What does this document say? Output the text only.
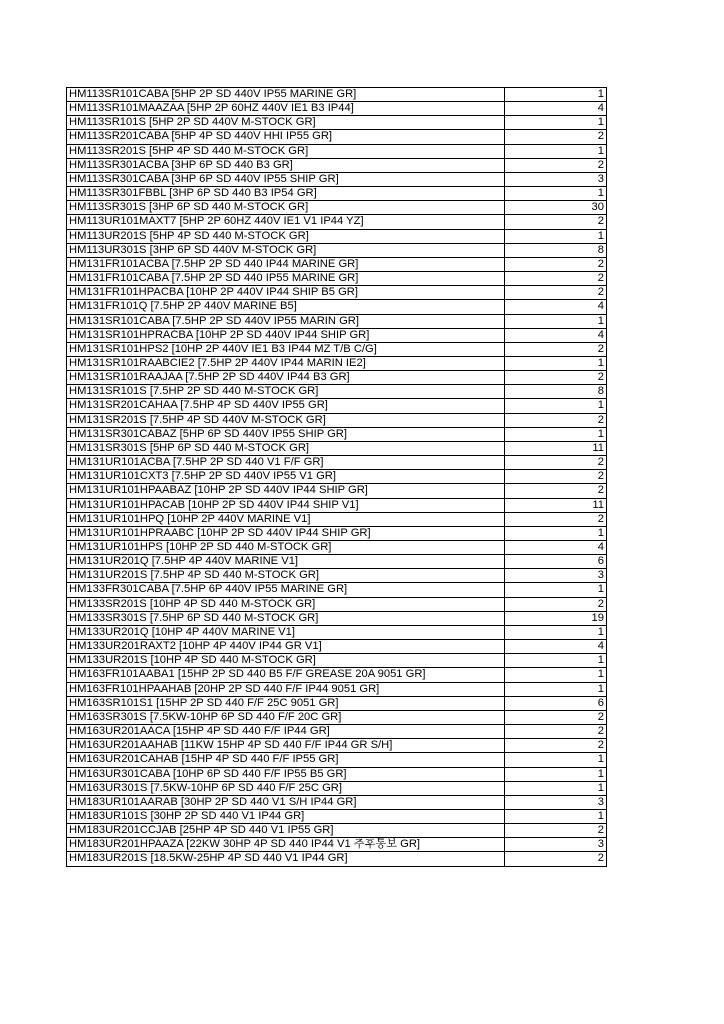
HM113SR101CABA [5HP 2P SD 440V IP55 MARINE GR]	1
HM113SR101MAAZAA [5HP 2P 60HZ 440V IE1 B3 IP44]	4
HM113SR101S [5HP 2P SD 440V M-STOCK GR]	1
HM113SR201CABA [5HP 4P SD 440V HHI IP55 GR]	2
HM113SR201S [5HP 4P SD 440 M-STOCK GR]	1
HM113SR301ACBA [3HP 6P SD 440 B3 GR]	2
HM113SR301CABA [3HP 6P SD 440V IP55 SHIP GR]	3
HM113SR301FBBL [3HP 6P SD 440 B3 IP54 GR]	1
HM113SR301S [3HP 6P SD 440 M-STOCK GR]	30
HM113UR101MAXT7 [5HP 2P 60HZ 440V IE1 V1 IP44 YZ]	2
HM113UR201S [5HP 4P SD 440 M-STOCK GR]	1
HM113UR301S [3HP 6P SD 440V M-STOCK GR]	8
HM131FR101ACBA [7.5HP 2P SD 440 IP44 MARINE GR]	2
HM131FR101CABA [7.5HP 2P SD 440 IP55 MARINE GR]	2
HM131FR101HPACBA [10HP 2P 440V IP44 SHIP B5 GR]	2
HM131FR101Q [7.5HP 2P 440V MARINE B5]	4
HM131SR101CABA [7.5HP 2P SD 440V IP55 MARIN GR]	1
HM131SR101HPRACBA [10HP 2P SD 440V IP44 SHIP GR]	4
HM131SR101HPS2 [10HP 2P 440V IE1 B3 IP44 MZ T/B C/G]	2
HM131SR101RAABCIE2 [7.5HP 2P 440V IP44 MARIN IE2]	1
HM131SR101RAAJAA [7.5HP 2P SD 440V IP44 B3 GR]	2
HM131SR101S [7.5HP 2P SD 440 M-STOCK GR]	8
HM131SR201CAHAA [7.5HP 4P SD 440V IP55 GR]	1
HM131SR201S [7.5HP 4P SD 440V M-STOCK GR]	2
HM131SR301CABAZ [5HP 6P SD 440V IP55 SHIP GR]	1
HM131SR301S [5HP 6P SD 440 M-STOCK GR]	11
HM131UR101ACBA [7.5HP 2P SD 440 V1 F/F GR]	2
HM131UR101CXT3 [7.5HP 2P SD 440V IP55 V1 GR]	2
HM131UR101HPAABAZ [10HP 2P SD 440V IP44 SHIP GR]	2
HM131UR101HPACAB [10HP 2P SD 440V IP44 SHIP V1]	11
HM131UR101HPQ [10HP 2P 440V MARINE V1]	2
HM131UR101HPRAABC [10HP 2P SD 440V IP44 SHIP GR]	1
HM131UR101HPS [10HP 2P SD 440 M-STOCK GR]	4
HM131UR201Q [7.5HP 4P 440V MARINE V1]	6
HM131UR201S [7.5HP 4P SD 440 M-STOCK GR]	3
HM133FR301CABA [7.5HP 6P 440V IP55 MARINE GR]	1
HM133SR201S [10HP 4P SD 440 M-STOCK GR]	2
HM133SR301S [7.5HP 6P SD 440 M-STOCK GR]	19
HM133UR201Q [10HP 4P 440V MARINE V1]	1
HM133UR201RAXT2 [10HP 4P 440V IP44 GR V1]	4
HM133UR201S [10HP 4P SD 440 M-STOCK GR]	1
HM163FR101AABA1 [15HP 2P SD 440 B5 F/F GREASE 20A 9051 GR]	1
HM163FR101HPAAHAB [20HP 2P SD 440 F/F IP44 9051 GR]	1
HM163SR101S1 [15HP 2P SD 440 F/F 25C 9051 GR]	6
HM163SR301S [7.5KW-10HP 6P SD 440 F/F 20C GR]	2
HM163UR201AACA [15HP 4P SD 440 F/F IP44 GR]	2
HM163UR201AAHAB [11KW 15HP 4P SD 440 F/F IP44 GR S/H]	2
HM163UR201CAHAB [15HP 4P SD 440 F/F IP55 GR]	1
HM163UR301CABA [10HP 6P SD 440 F/F IP55 B5 GR]	1
HM163UR301S [7.5KW-10HP 6P SD 440 F/F 25C GR]	1
HM183UR101AARAB [30HP 2P SD 440 V1 S/H IP44 GR]	3
HM183UR101S [30HP 2P SD 440 V1 IP44 GR]	1
HM183UR201CCJAB [25HP 4P SD 440 V1 IP55 GR]	2
HM183UR201HPAAZA [22KW 30HP 4P SD 440 IP44 V1 추후통보 GR]	3
HM183UR201S [18.5KW-25HP 4P SD 440 V1 IP44 GR]	2
